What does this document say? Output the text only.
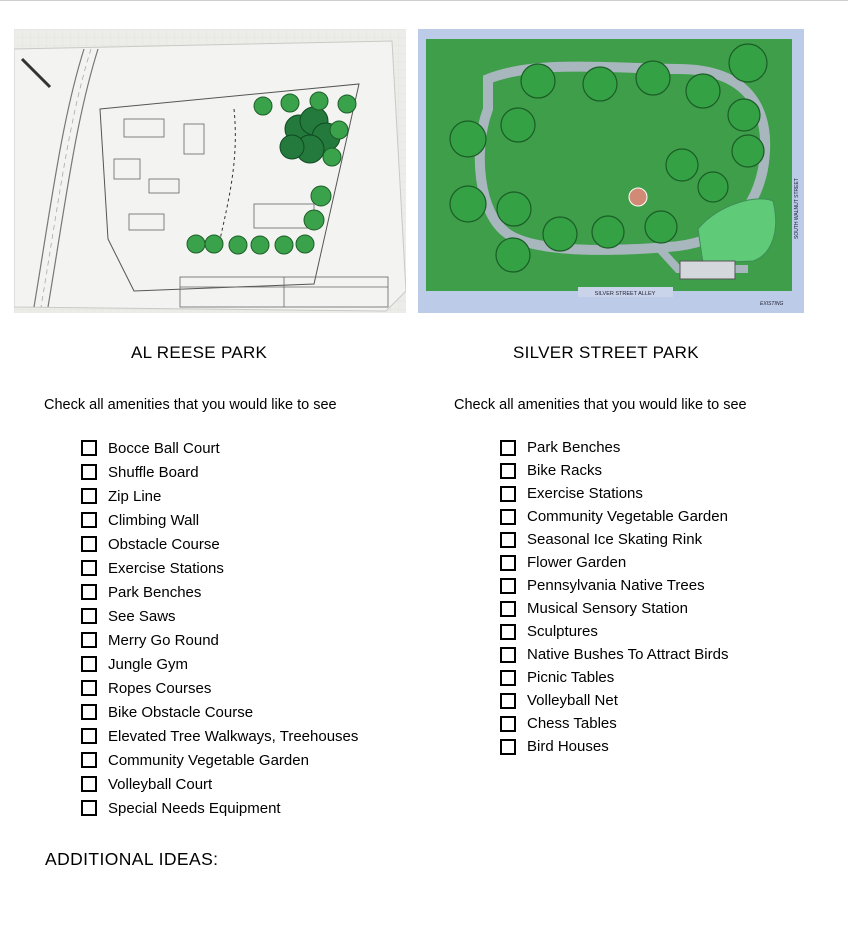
SILVER STREET ALLEY
SOUTH WALNUT STREET
EXISTING
AL REESE PARK	SILVER STREET PARK
Check all amenities that you would like to see	Check all amenities that you would like to see
Bocce Ball Court
Shuffle Board
Zip Line
Climbing Wall
Obstacle Course
Exercise Stations
Park Benches
See Saws
Merry Go Round
Jungle Gym
Ropes Courses
Bike Obstacle Course
Elevated Tree Walkways, Treehouses
Community Vegetable Garden
Volleyball Court
Special Needs Equipment
Park Benches
Bike Racks
Exercise Stations
Community Vegetable Garden
Seasonal Ice Skating Rink
Flower Garden
Pennsylvania Native Trees
Musical Sensory Station
Sculptures
Native Bushes To Attract Birds
Picnic Tables
Volleyball Net
Chess Tables
Bird Houses
ADDITIONAL IDEAS:
